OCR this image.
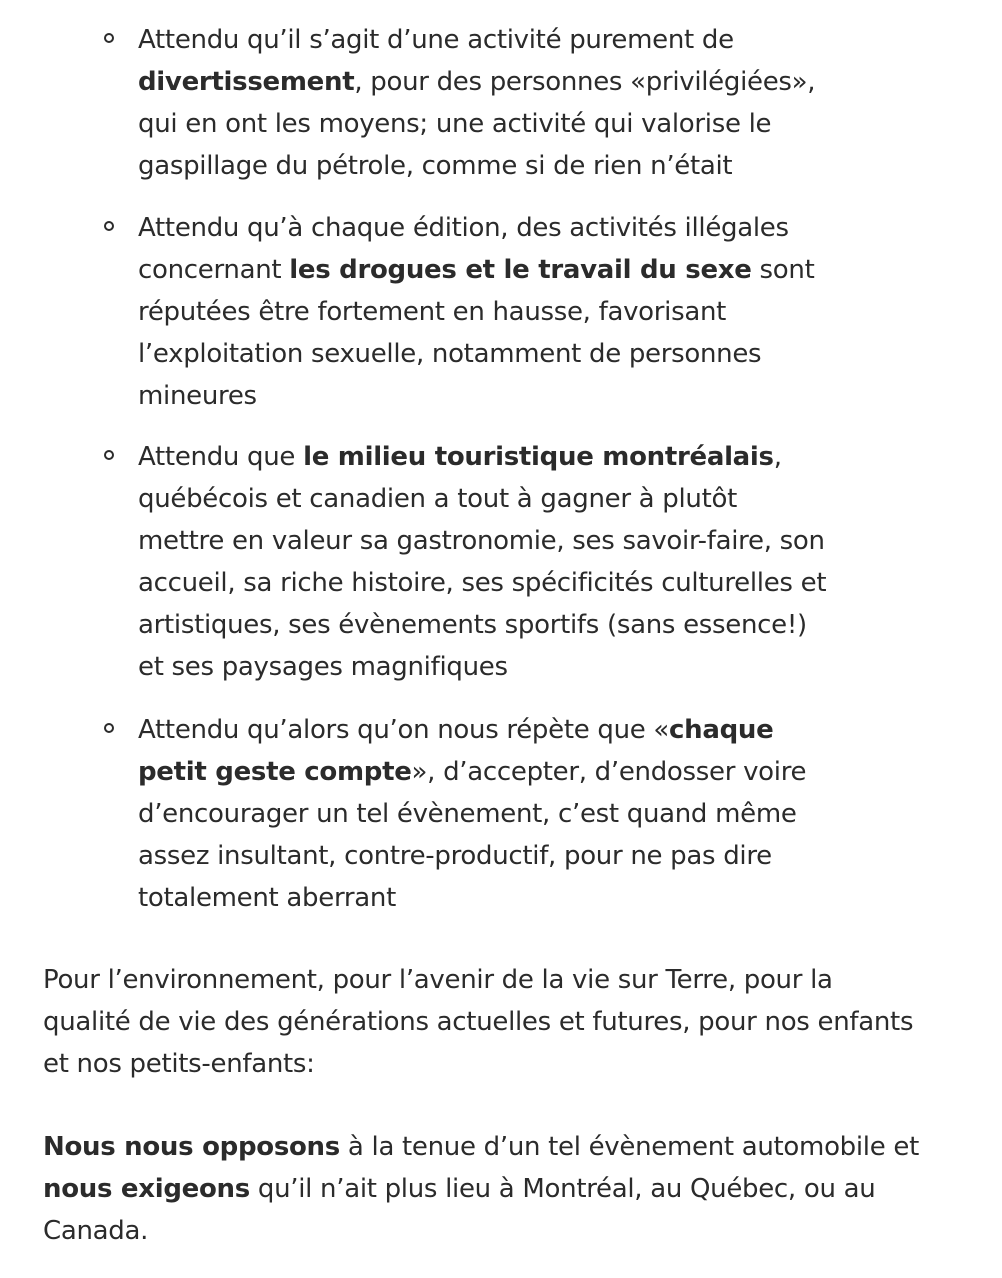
Attendu qu’il s’agit d’une activité purement de divertissement, pour des personnes «privilégiées», qui en ont les moyens; une activité qui valorise le gaspillage du pétrole, comme si de rien n’était
Attendu qu’à chaque édition, des activités illégales concernant les drogues et le travail du sexe sont réputées être fortement en hausse, favorisant l’exploitation sexuelle, notamment de personnes mineures
Attendu que le milieu touristique montréalais, québécois et canadien a tout à gagner à plutôt mettre en valeur sa gastronomie, ses savoir-faire, son accueil, sa riche histoire, ses spécificités culturelles et artistiques, ses évènements sportifs (sans essence!) et ses paysages magnifiques
Attendu qu’alors qu’on nous répète que «chaque petit geste compte», d’accepter, d’endosser voire d’encourager un tel évènement, c’est quand même assez insultant, contre-productif, pour ne pas dire totalement aberrant

Pour l’environnement, pour l’avenir de la vie sur Terre, pour la qualité de vie des générations actuelles et futures, pour nos enfants et nos petits-enfants:

Nous nous opposons à la tenue d’un tel évènement automobile et nous exigeons qu’il n’ait plus lieu à Montréal, au Québec, ou au Canada.
